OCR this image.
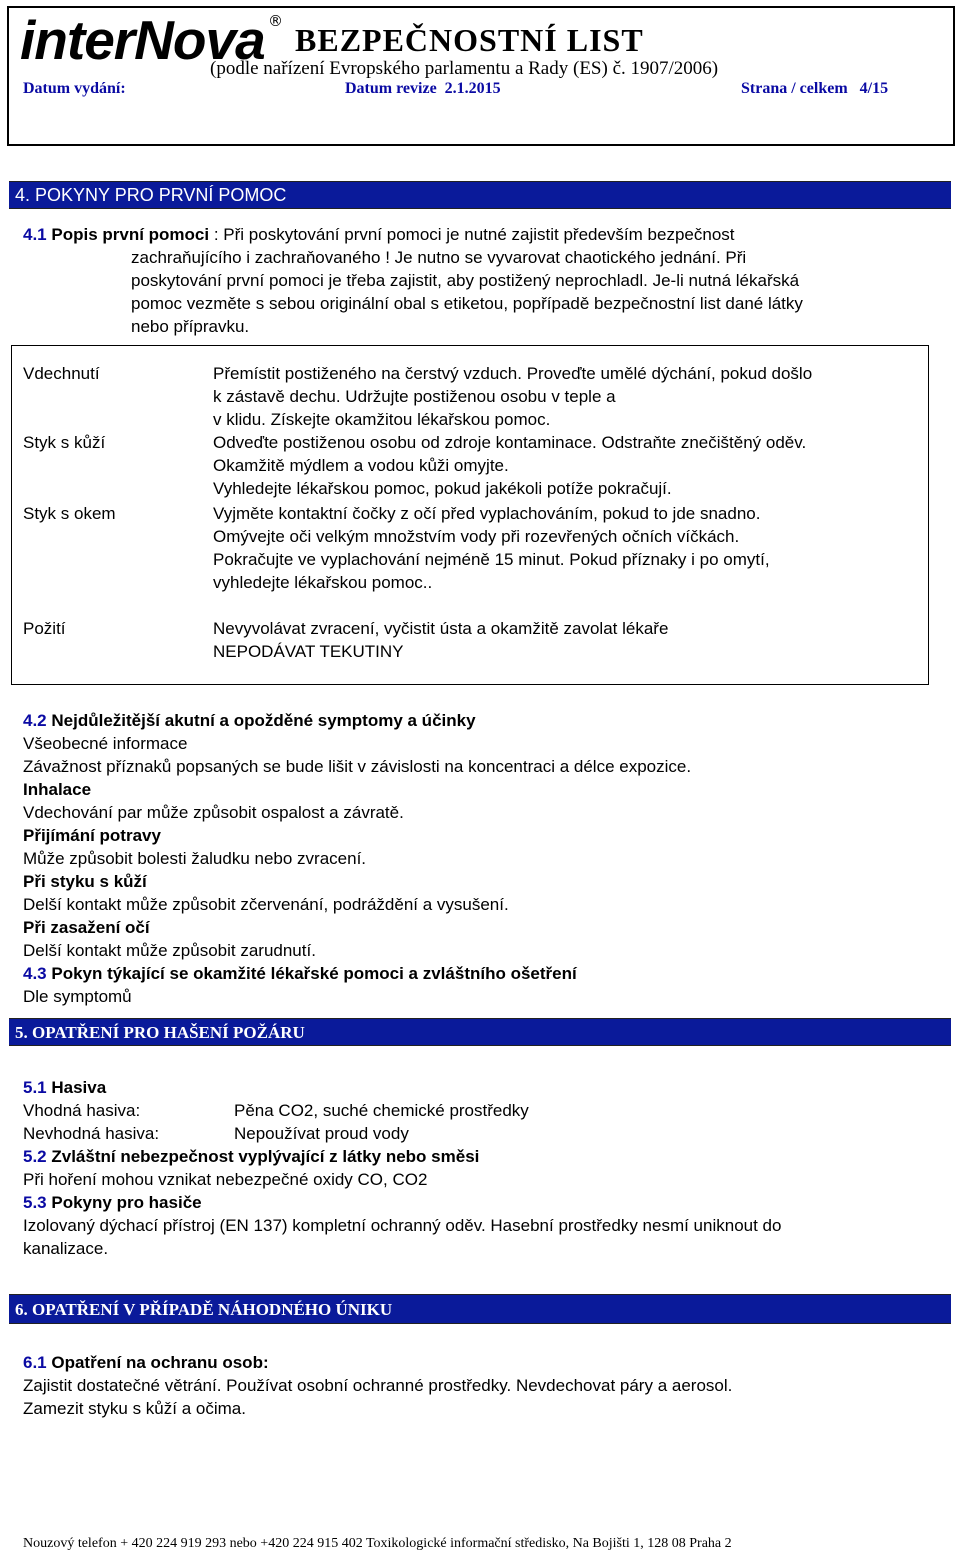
interNova ®
BEZPEČNOSTNÍ LIST
(podle nařízení Evropského parlamentu a Rady (ES) č. 1907/2006)
Datum vydání:	Datum revize 2.1.2015	Strana / celkem 4/15
4. POKYNY PRO PRVNÍ POMOC
4.1 Popis první pomoci : Při poskytování první pomoci je nutné zajistit především bezpečnost
zachraňujícího i zachraňovaného ! Je nutno se vyvarovat chaotického jednání. Při
poskytování první pomoci je třeba zajistit, aby postižený neprochladl. Je-li nutná lékařská
pomoc vezměte s sebou originální obal s etiketou, popřípadě bezpečnostní list dané látky
nebo přípravku.
Vdechnutí	Přemístit postiženého na čerstvý vzduch. Proveďte umělé dýchání, pokud došlo
k zástavě dechu. Udržujte postiženou osobu v teple a
v klidu. Získejte okamžitou lékařskou pomoc.
Styk s kůží	Odveďte postiženou osobu od zdroje kontaminace. Odstraňte znečištěný oděv.
Okamžitě mýdlem a vodou kůži omyjte.
Vyhledejte lékařskou pomoc, pokud jakékoli potíže pokračují.
Styk s okem	Vyjměte kontaktní čočky z očí před vyplachováním, pokud to jde snadno.
Omývejte oči velkým množstvím vody při rozevřených očních víčkách.
Pokračujte ve vyplachování nejméně 15 minut. Pokud příznaky i po omytí,
vyhledejte lékařskou pomoc..
Požití	Nevyvolávat zvracení, vyčistit ústa a okamžitě zavolat lékaře
NEPODÁVAT TEKUTINY
4.2 Nejdůležitější akutní a opožděné symptomy a účinky
Všeobecné informace
Závažnost příznaků popsaných se bude lišit v závislosti na koncentraci a délce expozice.
Inhalace
Vdechování par může způsobit ospalost a závratě.
Přijímání potravy
Může způsobit bolesti žaludku nebo zvracení.
Při styku s kůží
Delší kontakt může způsobit zčervenání, podráždění a vysušení.
Při zasažení očí
Delší kontakt může způsobit zarudnutí.
4.3 Pokyn týkající se okamžité lékařské pomoci a zvláštního ošetření
Dle symptomů
5. OPATŘENÍ PRO HAŠENÍ POŽÁRU
5.1 Hasiva
Vhodná hasiva:	Pěna CO2, suché chemické prostředky
Nevhodná hasiva:	Nepoužívat proud vody
5.2 Zvláštní nebezpečnost vyplývající z látky nebo směsi
Při hoření mohou vznikat nebezpečné oxidy CO, CO2
5.3 Pokyny pro hasiče
Izolovaný dýchací přístroj (EN 137) kompletní ochranný oděv. Hasební prostředky nesmí uniknout do
kanalizace.
6. OPATŘENÍ V PŘÍPADĚ NÁHODNÉHO ÚNIKU
6.1 Opatření na ochranu osob:
Zajistit dostatečné větrání. Používat osobní ochranné prostředky. Nevdechovat páry a aerosol.
Zamezit styku s kůží a očima.
Nouzový telefon + 420 224 919 293 nebo +420 224 915 402 Toxikologické informační středisko, Na Bojišti 1, 128 08 Praha 2
